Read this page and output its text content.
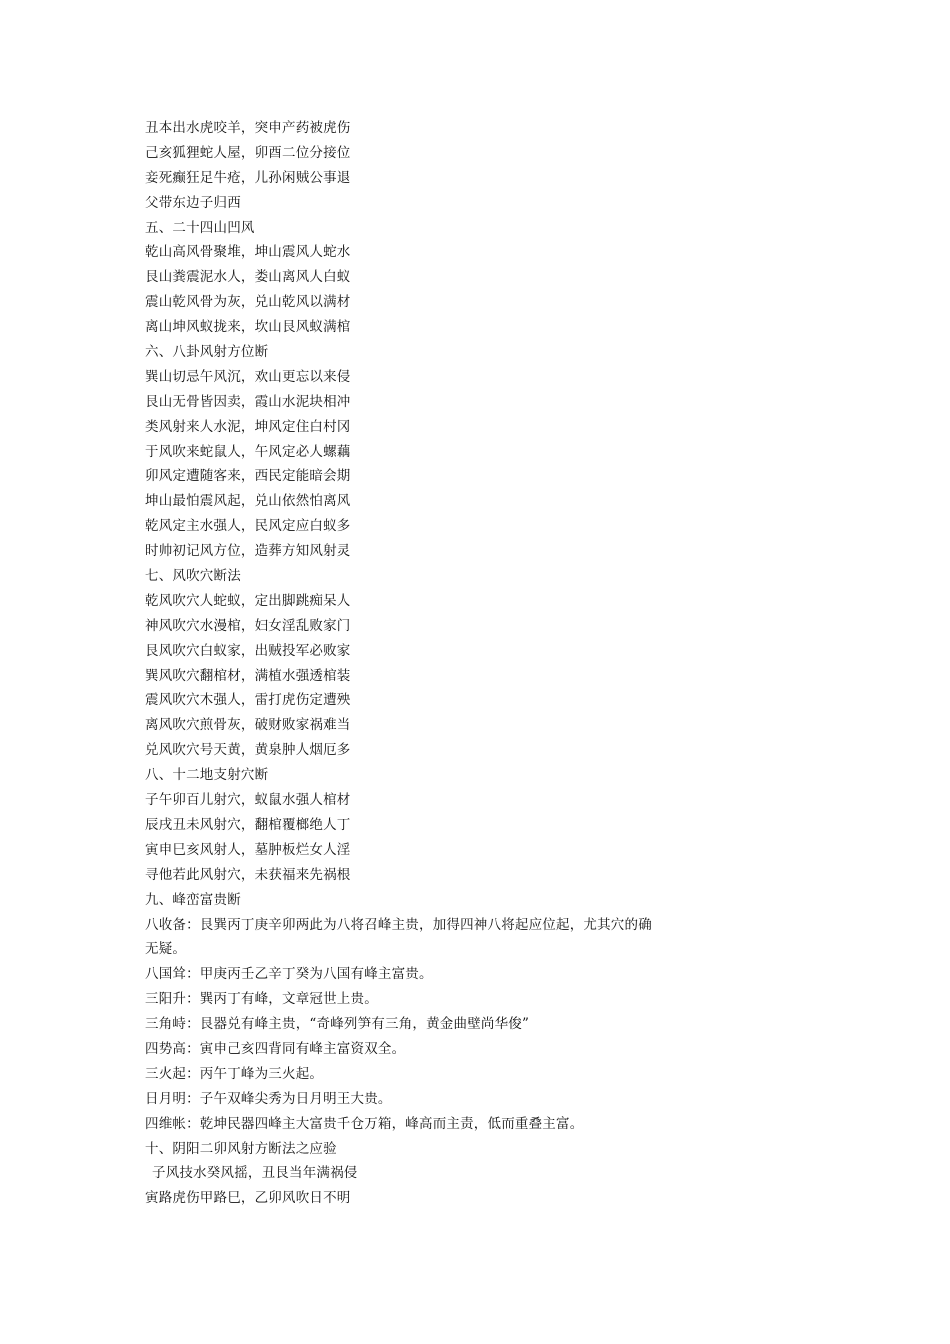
丑本出水虎咬羊，突申产药被虎伤
己亥狐狸蛇人屋，卯酉二位分接位
妾死癫狂足牛疮，儿孙闲贼公事退
父带东边子归西
五、二十四山凹风
乾山高风骨聚堆，坤山震风人蛇水
艮山粪震泥水人，娄山离风人白蚁
震山乾风骨为灰，兑山乾风以满材
离山坤风蚁拢来，坎山艮风蚁满棺
六、八卦风射方位断
巽山切忌午风沉，欢山更忘以来侵
艮山无骨皆因卖，霞山水泥块相冲
类风射来人水泥，坤风定住白村冈
于风吹来蛇鼠人，午风定必人螺藕
卯风定遭随客来，西民定能暗会期
坤山最怕震风起，兑山依然怕离风
乾风定主水强人，民风定应白蚁多
时帅初记风方位，造葬方知风射灵
七、风吹穴断法
乾风吹穴人蛇蚁，定出脚跳痴呆人
神风吹穴水漫棺，妇女淫乱败家门
艮风吹穴白蚁家，出贼投军必败家
巽风吹穴翻棺材，满植水强透棺装
震风吹穴木强人，雷打虎伤定遭殃
离风吹穴煎骨灰，破财败家祸难当
兑风吹穴号天黄，黄泉肿人烟厄多
八、十二地支射穴断
子午卯百儿射穴，蚁鼠水强人棺材
辰戌丑未风射穴，翻棺覆榔绝人丁
寅申巳亥风射人，墓肿板烂女人淫
寻他若此风射穴，未获福来先祸根
九、峰峦富贵断
八收备：艮巽丙丁庚辛卯两此为八将召峰主贵，加得四神八将起应位起，尤其穴的确无疑。
八国耸：甲庚丙壬乙辛丁癸为八国有峰主富贵。
三阳升：巽丙丁有峰，文章冠世上贵。
三角峙：艮器兑有峰主贵，“奇峰列笋有三角，黄金曲壁尚华俊”
四势高：寅申己亥四背同有峰主富资双全。
三火起：丙午丁峰为三火起。
日月明：子午双峰尖秀为日月明王大贵。
四维帐：乾坤民器四峰主大富贵千仓万箱，峰高而主责，低而重叠主富。
十、阴阳二卯风射方断法之应验
子风技水癸风摇，丑艮当年满祸侵
寅路虎伤甲路巳，乙卯风吹日不明
